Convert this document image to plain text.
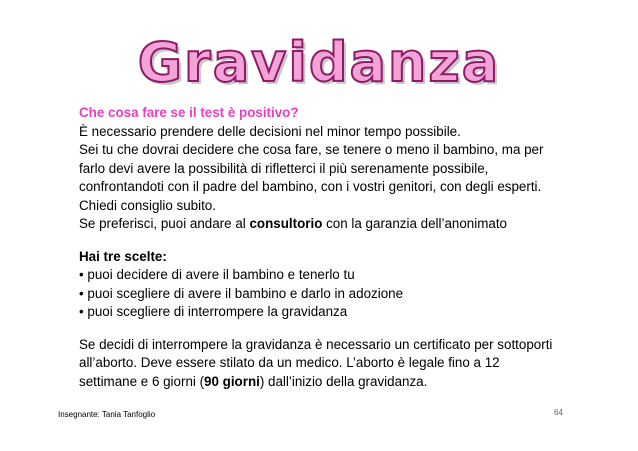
Gravidanza

Che cosa fare se il test è positivo?

È necessario prendere delle decisioni nel minor tempo possibile.

Sei tu che dovrai decidere che cosa fare, se tenere o meno il bambino, ma per

farlo devi avere la possibilità di rifletterci il più serenamente possibile,

confrontandoti con il padre del bambino, con i vostri genitori, con degli esperti.

Chiedi consiglio subito.

Se preferisci, puoi andare al consultorio con la garanzia dell’anonimato

Hai tre scelte:

• puoi decidere di avere il bambino e tenerlo tu

• puoi scegliere di avere il bambino e darlo in adozione

• puoi scegliere di interrompere la gravidanza

Se decidi di interrompere la gravidanza è necessario un certificato per sottoporti

all’aborto. Deve essere stilato da un medico. L’aborto è legale fino a 12

settimane e 6 giorni (90 giorni) dall’inizio della gravidanza.

Insegnante: Tania Tanfoglio	64
